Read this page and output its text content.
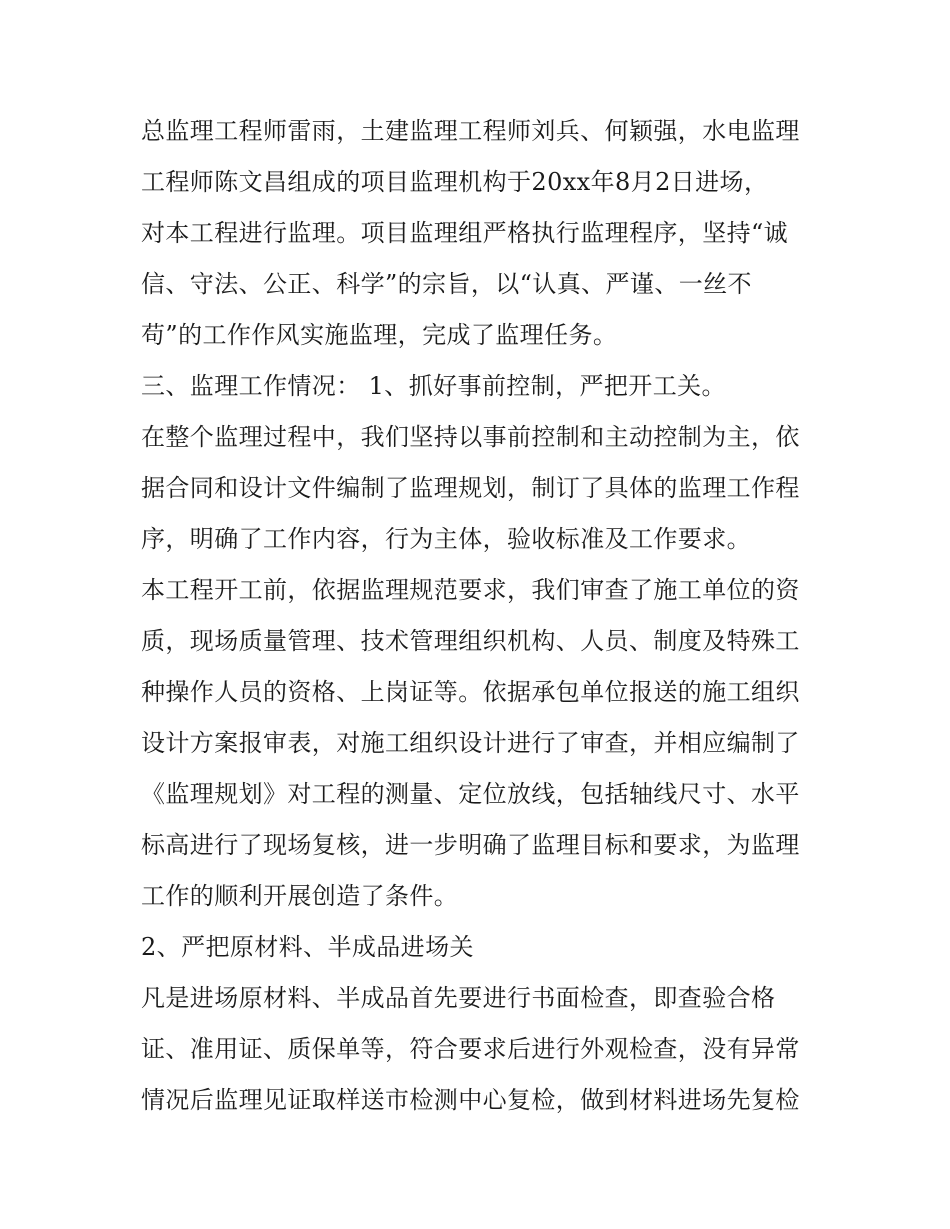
总监理工程师雷雨，土建监理工程师刘兵、何颖强，水电监理
工程师陈文昌组成的项目监理机构于20xx年8月2日进场，
对本工程进行监理。项目监理组严格执行监理程序，坚持“诚
信、守法、公正、科学”的宗旨，以“认真、严谨、一丝不
苟”的工作作风实施监理，完成了监理任务。
三、监理工作情况： 1、抓好事前控制，严把开工关。
在整个监理过程中，我们坚持以事前控制和主动控制为主，依
据合同和设计文件编制了监理规划，制订了具体的监理工作程
序，明确了工作内容，行为主体，验收标准及工作要求。
本工程开工前，依据监理规范要求，我们审查了施工单位的资
质，现场质量管理、技术管理组织机构、人员、制度及特殊工
种操作人员的资格、上岗证等。依据承包单位报送的施工组织
设计方案报审表，对施工组织设计进行了审查，并相应编制了
《监理规划》对工程的测量、定位放线，包括轴线尺寸、水平
标高进行了现场复核，进一步明确了监理目标和要求，为监理
工作的顺利开展创造了条件。
2、严把原材料、半成品进场关
凡是进场原材料、半成品首先要进行书面检查，即查验合格
证、准用证、质保单等，符合要求后进行外观检查，没有异常
情况后监理见证取样送市检测中心复检，做到材料进场先复检
